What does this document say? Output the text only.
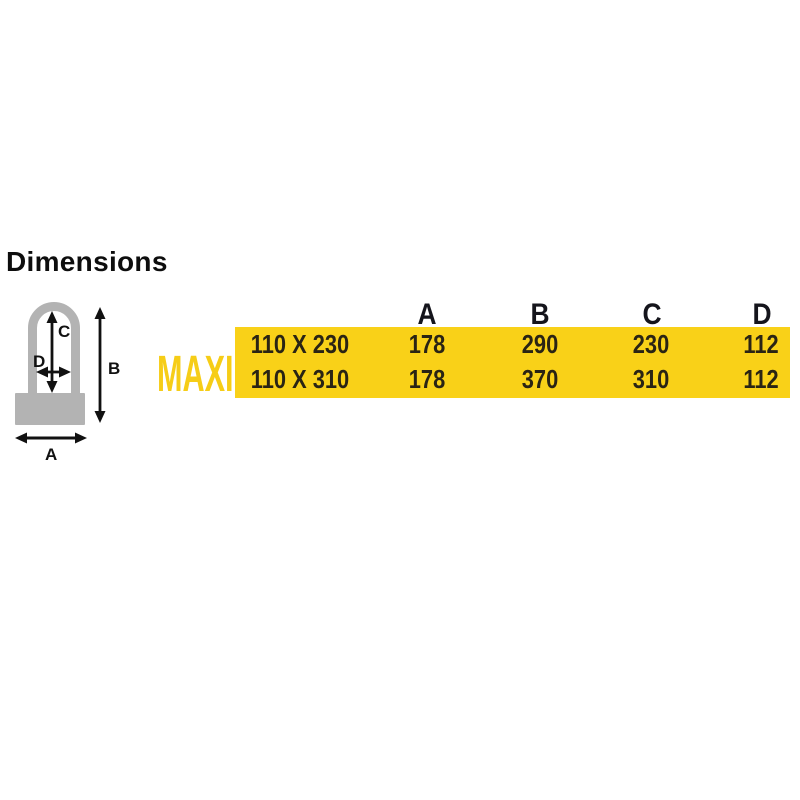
Dimensions
C
D	B
A
MAXI
A	B	C	D
110 X 230 178	290	230	112
110 X 310 178	370	310	112
